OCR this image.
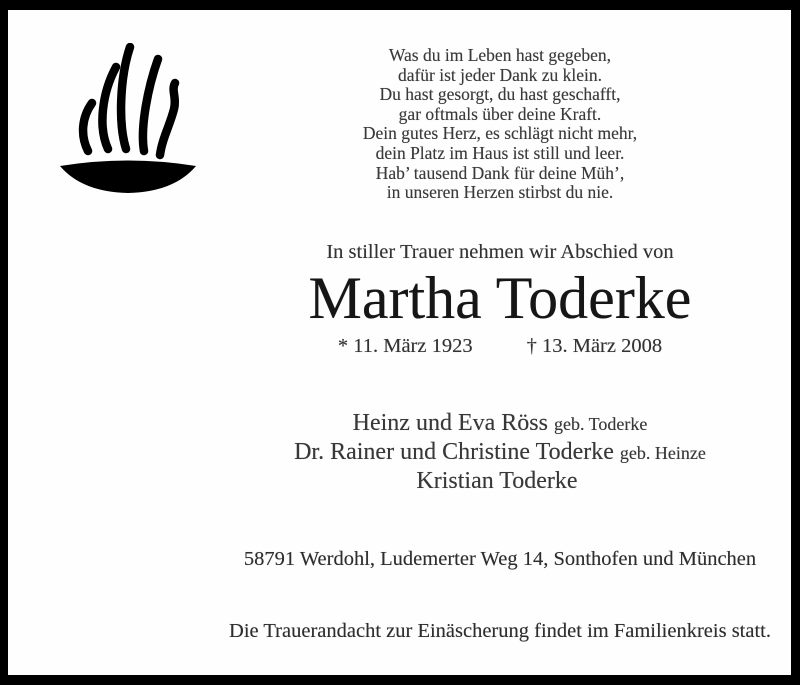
Was du im Leben hast gegeben,
dafür ist jeder Dank zu klein.
Du hast gesorgt, du hast geschafft,
gar oftmals über deine Kraft.
Dein gutes Herz, es schlägt nicht mehr,
dein Platz im Haus ist still und leer.
Hab’ tausend Dank für deine Müh’,
in unseren Herzen stirbst du nie.
In stiller Trauer nehmen wir Abschied von
Martha Toderke
* 11. März 1923	† 13. März 2008
Heinz und Eva Röss geb. Toderke
Dr. Rainer und Christine Toderke geb. Heinze
Kristian Toderke
58791 Werdohl, Ludemerter Weg 14, Sonthofen und München
Die Trauerandacht zur Einäscherung findet im Familienkreis statt.
